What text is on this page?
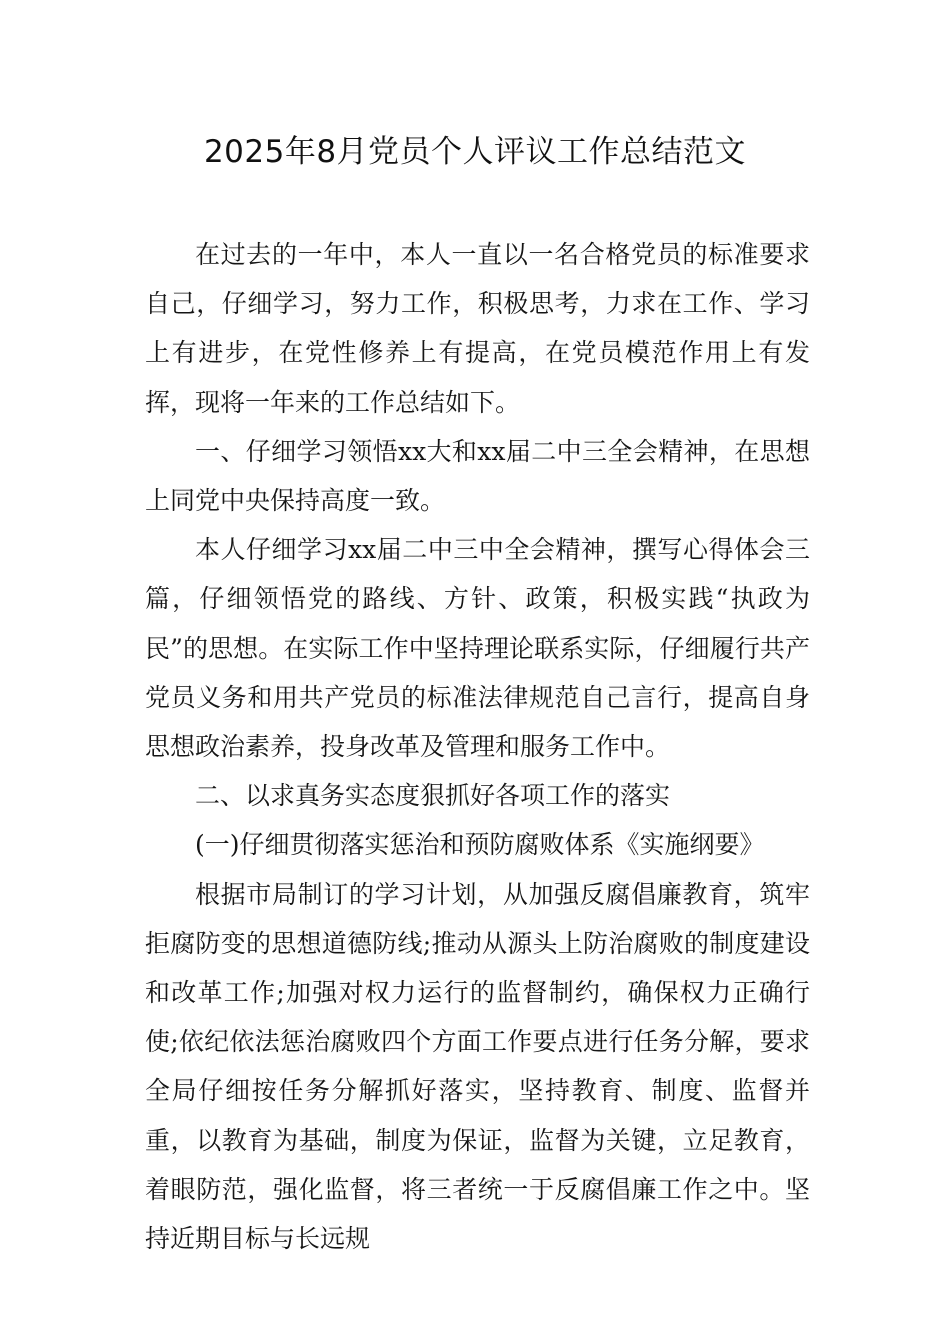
2025年8月党员个人评议工作总结范文

在过去的一年中，本人一直以一名合格党员的标准要求自己，仔细学习，努力工作，积极思考，力求在工作、学习上有进步，在党性修养上有提高，在党员模范作用上有发挥，现将一年来的工作总结如下。

一、仔细学习领悟xx大和xx届二中三全会精神，在思想上同党中央保持高度一致。

本人仔细学习xx届二中三中全会精神，撰写心得体会三篇，仔细领悟党的路线、方针、政策，积极实践“执政为民”的思想。在实际工作中坚持理论联系实际，仔细履行共产党员义务和用共产党员的标准法律规范自己言行，提高自身思想政治素养，投身改革及管理和服务工作中。

二、以求真务实态度狠抓好各项工作的落实

(一)仔细贯彻落实惩治和预防腐败体系《实施纲要》

根据市局制订的学习计划，从加强反腐倡廉教育，筑牢拒腐防变的思想道德防线;推动从源头上防治腐败的制度建设和改革工作;加强对权力运行的监督制约，确保权力正确行使;依纪依法惩治腐败四个方面工作要点进行任务分解，要求全局仔细按任务分解抓好落实，坚持教育、制度、监督并重，以教育为基础，制度为保证，监督为关键，立足教育，着眼防范，强化监督，将三者统一于反腐倡廉工作之中。坚持近期目标与长远规
